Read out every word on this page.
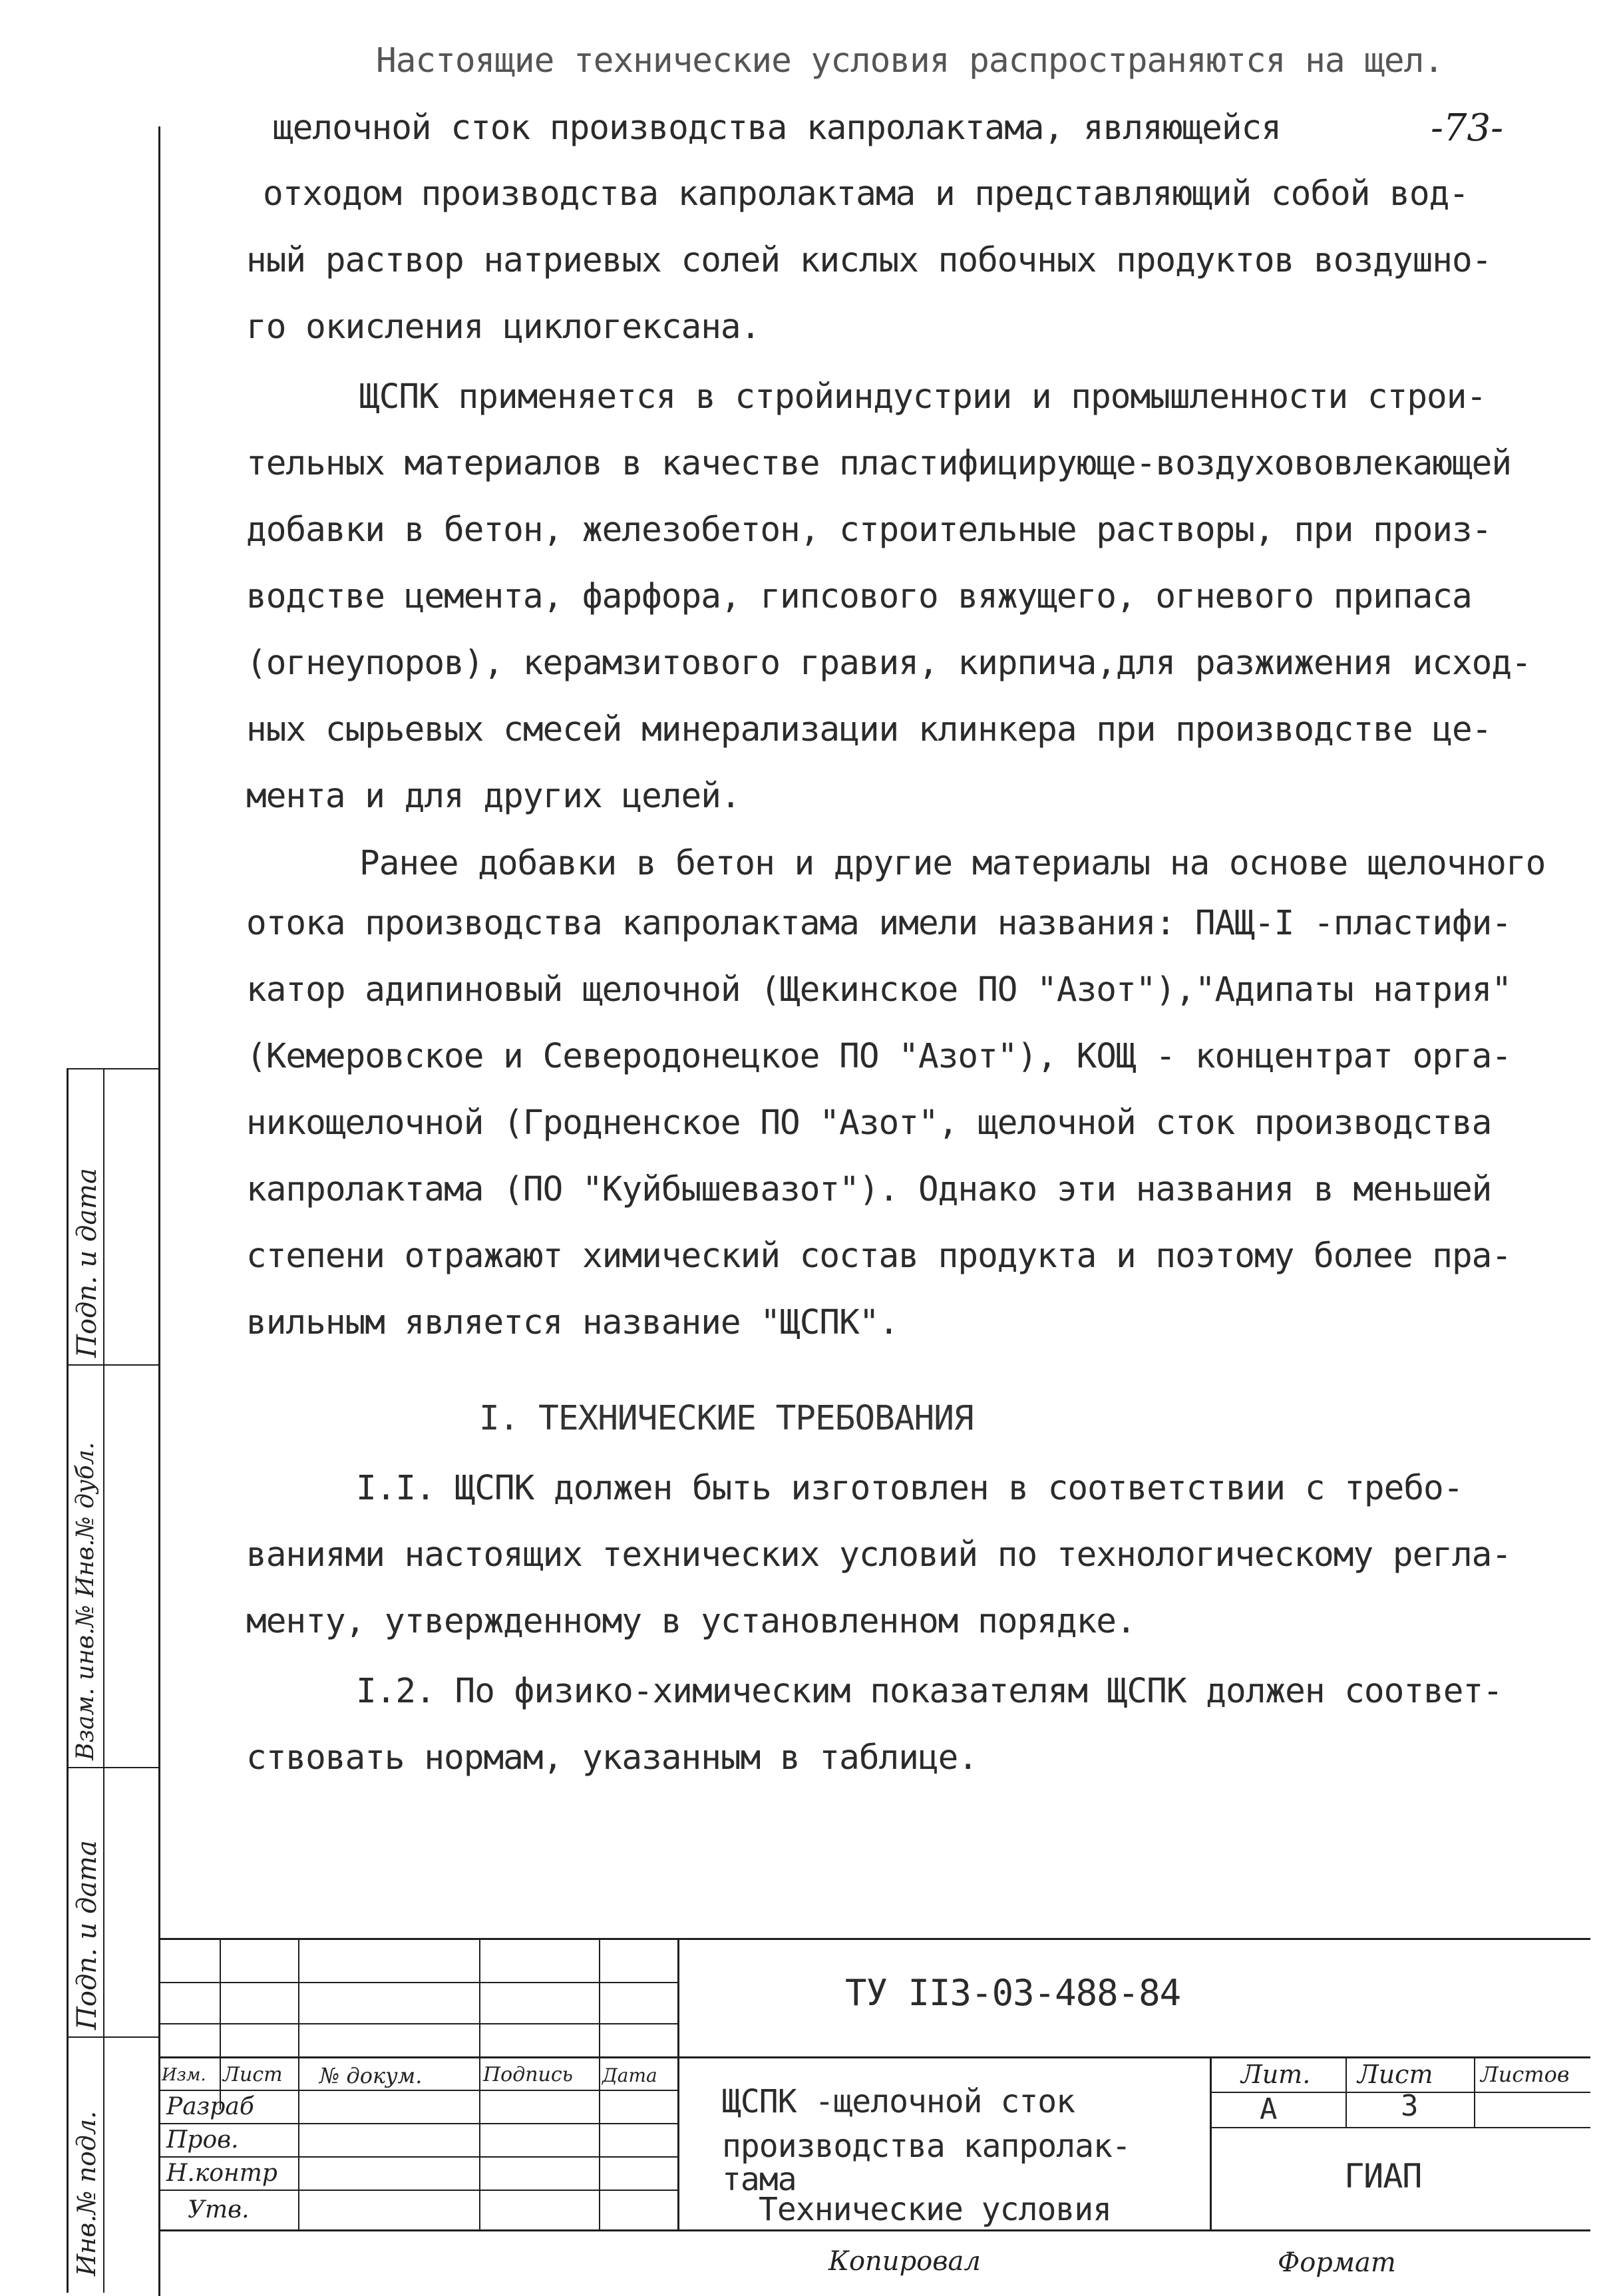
-73-
Настоящие технические условия распространяются на щел.
щелочной сток производства капролактама, являющейся
отходом производства капролактама и представляющий собой вод-
ный раствор натриевых солей кислых побочных продуктов воздушно-
го окисления циклогексана.
ЩСПК применяется в стройиндустрии и промышленности строи-
тельных материалов в качестве пластифицирующе-воздухововлекающей
добавки в бетон, железобетон, строительные растворы, при произ-
водстве цемента, фарфора, гипсового вяжущего, огневого припаса
(огнеупоров), керамзитового гравия, кирпича,для разжижения исход-
ных сырьевых смесей минерализации клинкера при производстве це-
мента и для других целей.
Ранее добавки в бетон и другие материалы на основе щелочного
отока производства капролактама имели названия: ПАЩ-I -пластифи-
катор адипиновый щелочной (Щекинское ПО "Азот"),"Адипаты натрия"
(Кемеровское и Северодонецкое ПО "Азот"), КОЩ - концентрат орга-
никощелочной (Гродненское ПО "Азот", щелочной сток производства
капролактама (ПО "Куйбышевазот"). Однако эти названия в меньшей
степени отражают химический состав продукта и поэтому более пра-
вильным является название "ЩСПК".
I. ТЕХНИЧЕСКИЕ ТРЕБОВАНИЯ
I.I. ЩСПК должен быть изготовлен в соответствии с требо-
ваниями настоящих технических условий по технологическому регла-
менту, утвержденному в установленном порядке.
I.2. По физико-химическим показателям ЩСПК должен соответ-
ствовать нормам, указанным в таблице.
Подп. и дата
Взам. инв.№ Инв.№ дубл.
Подп. и дата
Инв.№ подл.
ТУ II3-03-488-84
Изм. Лист № докум.	Подпись Дата
Разраб
Пров.
Н.контр
Утв.
ЩСПК -щелочной сток
производства капролак-
тама
Технические условия
Лит. Лист Листов
А	3
ГИАП
Копировал	Формат
